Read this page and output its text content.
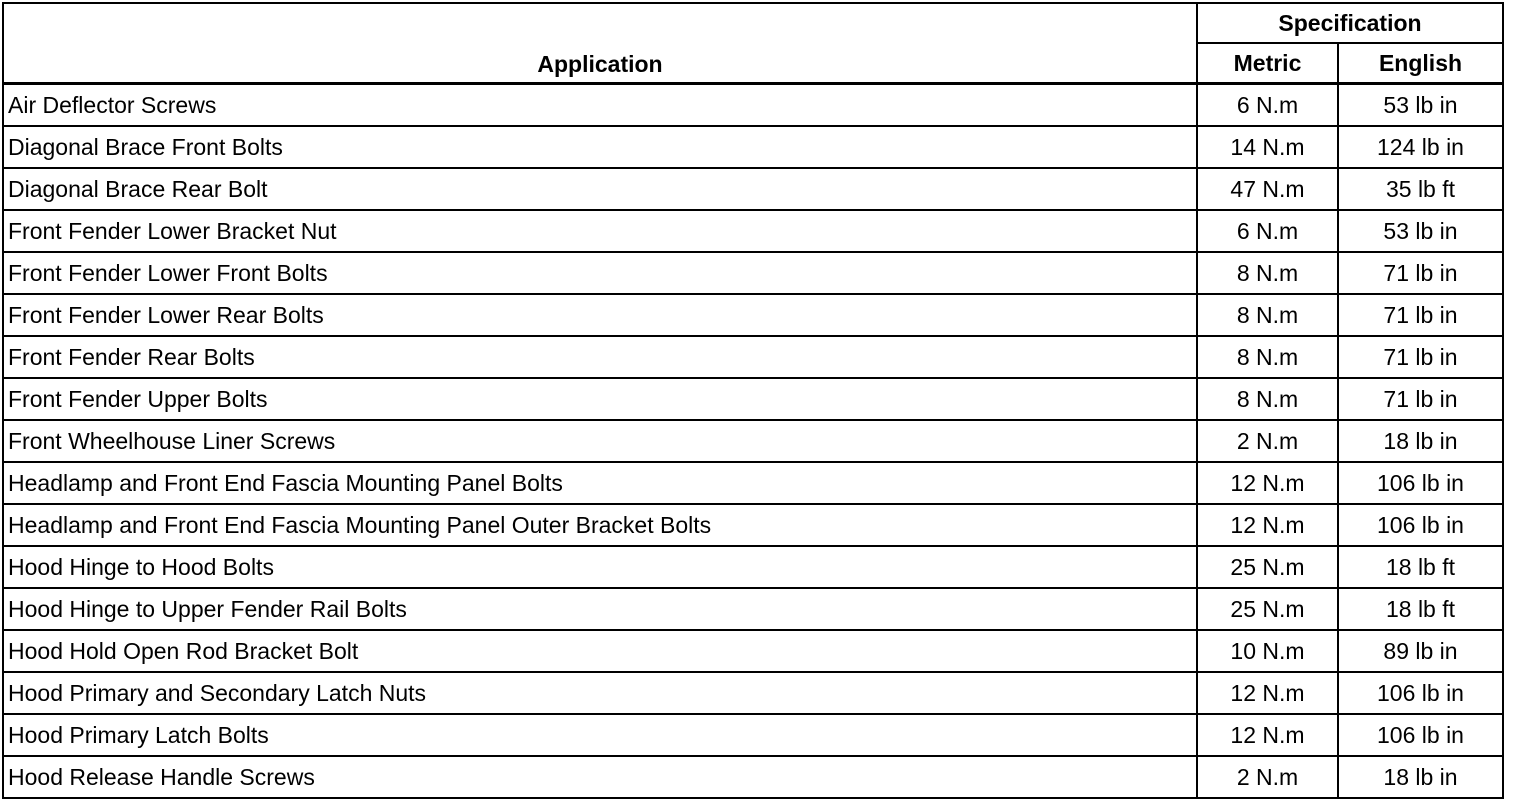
Application	Specification	
	Metric	English
Air Deflector Screws	6 N.m	53 lb in
Diagonal Brace Front Bolts	14 N.m	124 lb in
Diagonal Brace Rear Bolt	47 N.m	35 lb ft
Front Fender Lower Bracket Nut	6 N.m	53 lb in
Front Fender Lower Front Bolts	8 N.m	71 lb in
Front Fender Lower Rear Bolts	8 N.m	71 lb in
Front Fender Rear Bolts	8 N.m	71 lb in
Front Fender Upper Bolts	8 N.m	71 lb in
Front Wheelhouse Liner Screws	2 N.m	18 lb in
Headlamp and Front End Fascia Mounting Panel Bolts	12 N.m	106 lb in
Headlamp and Front End Fascia Mounting Panel Outer Bracket Bolts	12 N.m	106 lb in
Hood Hinge to Hood Bolts	25 N.m	18 lb ft
Hood Hinge to Upper Fender Rail Bolts	25 N.m	18 lb ft
Hood Hold Open Rod Bracket Bolt	10 N.m	89 lb in
Hood Primary and Secondary Latch Nuts	12 N.m	106 lb in
Hood Primary Latch Bolts	12 N.m	106 lb in
Hood Release Handle Screws	2 N.m	18 lb in
